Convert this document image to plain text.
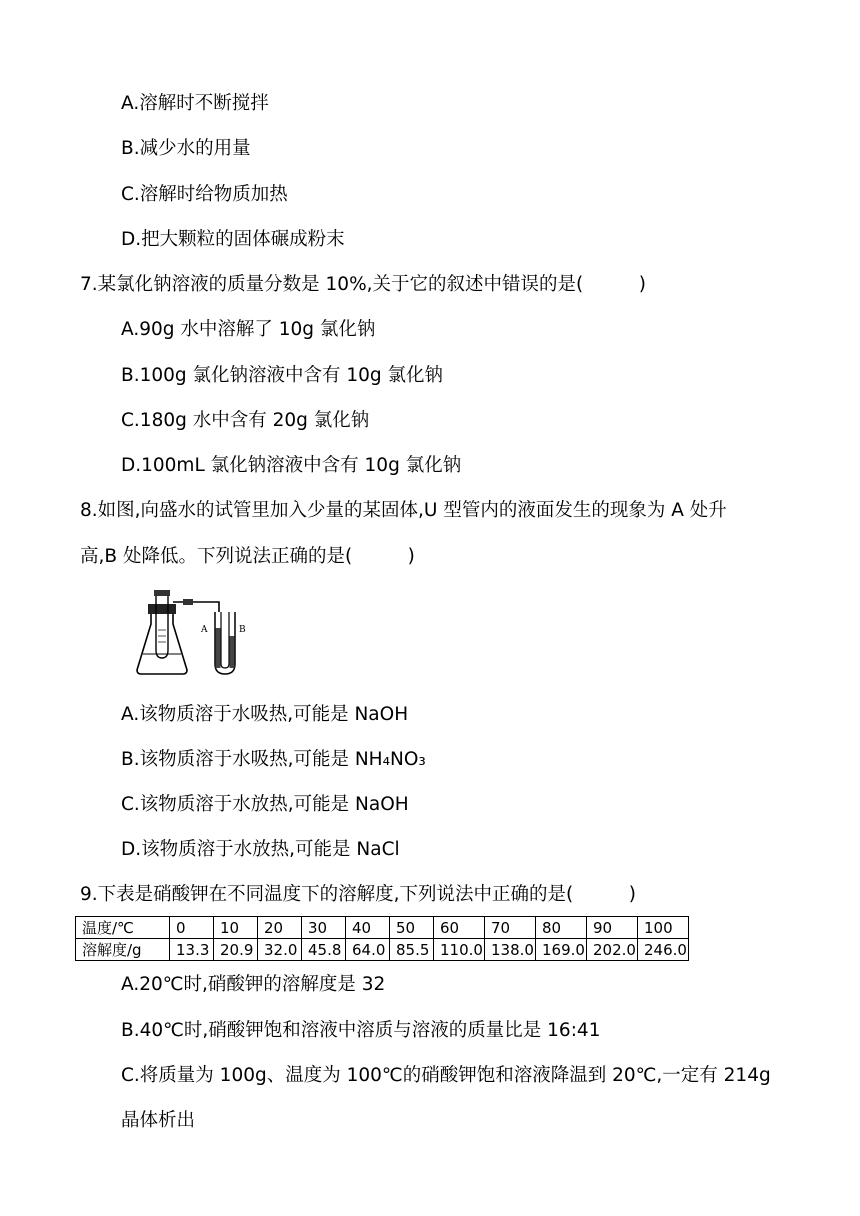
A.溶解时不断搅拌
B.减少水的用量
C.溶解时给物质加热
D.把大颗粒的固体碾成粉末
7.某氯化钠溶液的质量分数是 10%,关于它的叙述中错误的是(　　　)
A.90g 水中溶解了 10g 氯化钠
B.100g 氯化钠溶液中含有 10g 氯化钠
C.180g 水中含有 20g 氯化钠
D.100mL 氯化钠溶液中含有 10g 氯化钠
8.如图,向盛水的试管里加入少量的某固体,U 型管内的液面发生的现象为 A 处升
高,B 处降低。下列说法正确的是(　　　)
A	B
A.该物质溶于水吸热,可能是 NaOH
B.该物质溶于水吸热,可能是 NH₄NO₃
C.该物质溶于水放热,可能是 NaOH
D.该物质溶于水放热,可能是 NaCl
9.下表是硝酸钾在不同温度下的溶解度,下列说法中正确的是(　　　)
温度/℃	0	10	20	30	40	50	60	70	80	90	100
溶解度/g	13.3	20.9	32.0	45.8	64.0	85.5	110.0	138.0	169.0	202.0	246.0
A.20℃时,硝酸钾的溶解度是 32
B.40℃时,硝酸钾饱和溶液中溶质与溶液的质量比是 16:41
C.将质量为 100g、温度为 100℃的硝酸钾饱和溶液降温到 20℃,一定有 214g
晶体析出
